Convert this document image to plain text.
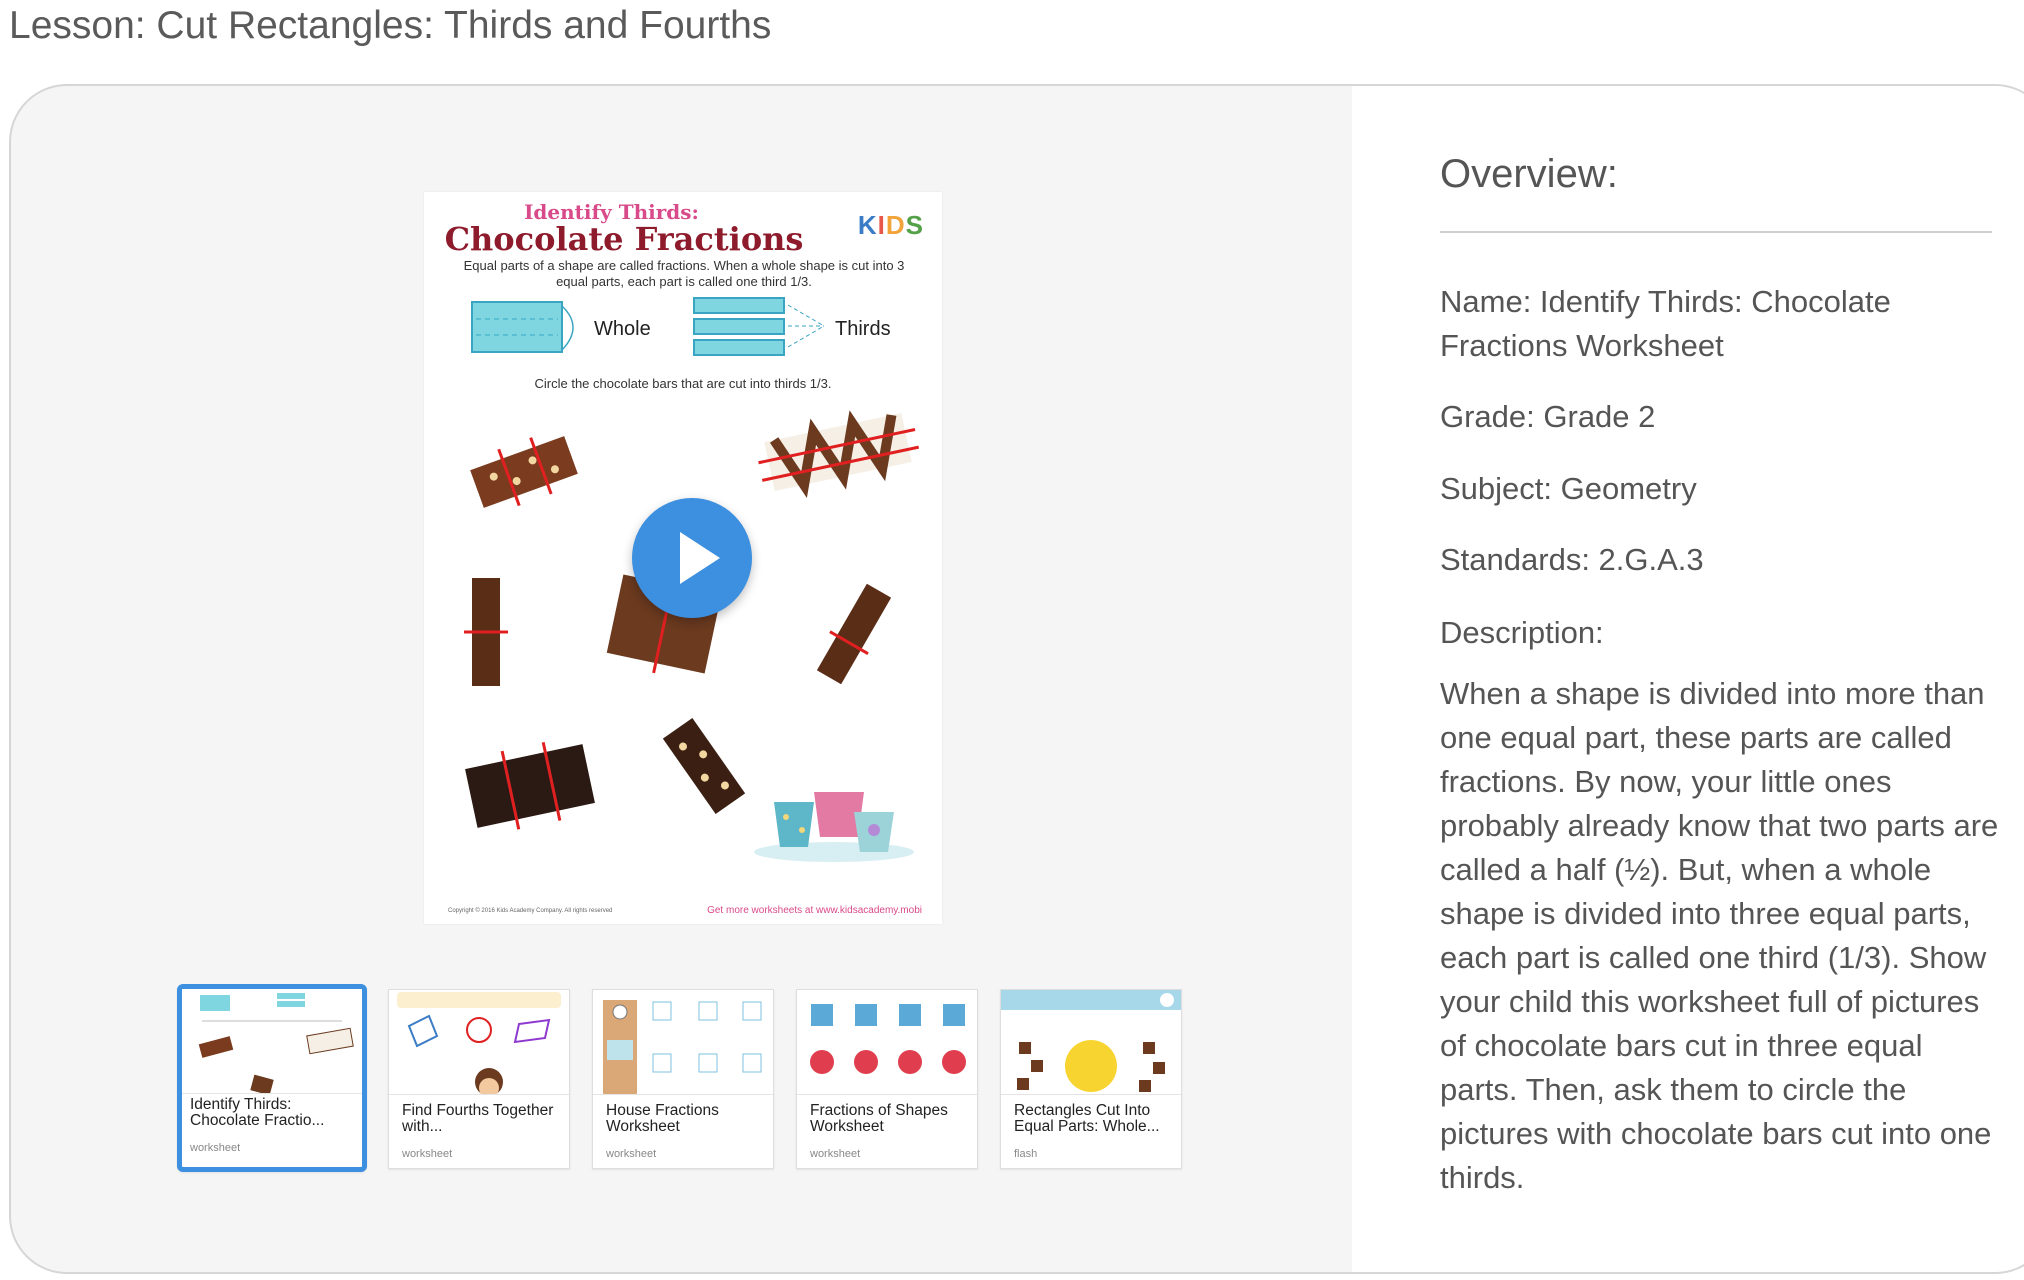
Lesson: Cut Rectangles: Thirds and Fourths
Identify Thirds:
Chocolate Fractions	KIDS
Equal parts of a shape are called fractions. When a whole shape is cut into 3 equal parts, each part is called one third 1/3.
Whole	Thirds
Circle the chocolate bars that are cut into thirds 1/3.
Copyright © 2016 Kids Academy Company. All rights reserved	Get more worksheets at www.kidsacademy.mobi
Identify Thirds: Chocolate Fractio...
worksheet
Find Fourths Together with...
worksheet
House Fractions Worksheet
worksheet
Fractions of Shapes Worksheet
worksheet
Rectangles Cut Into Equal Parts: Whole...
flash
Overview:
Name: Identify Thirds: Chocolate Fractions Worksheet
Grade: Grade 2
Subject: Geometry
Standards: 2.G.A.3
Description:
When a shape is divided into more than one equal part, these parts are called fractions. By now, your little ones probably already know that two parts are called a half (½). But, when a whole shape is divided into three equal parts, each part is called one third (1/3). Show your child this worksheet full of pictures of chocolate bars cut in three equal parts. Then, ask them to circle the pictures with chocolate bars cut into one thirds.
